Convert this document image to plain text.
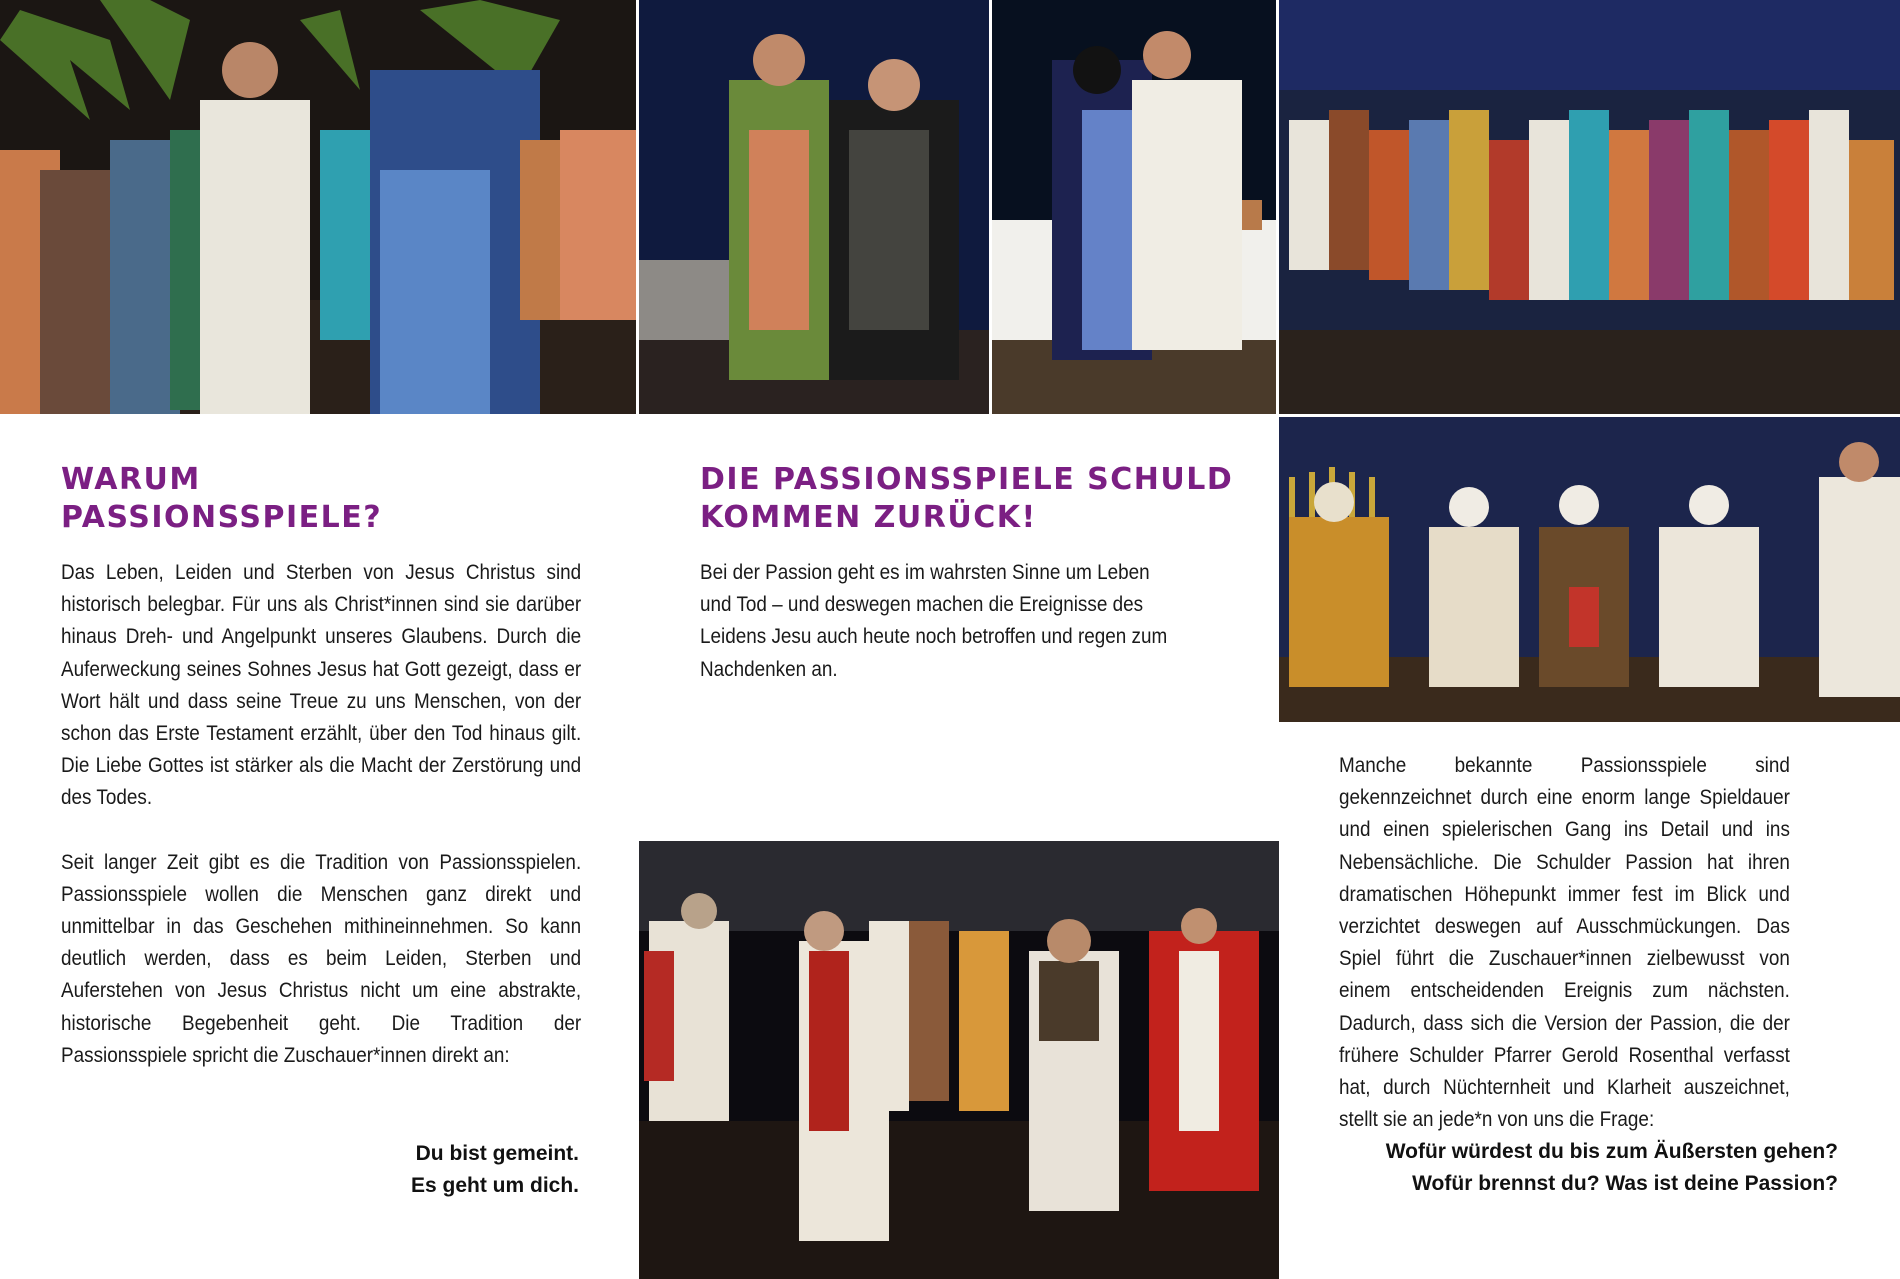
WARUM
PASSIONSSPIELE?

Das Leben, Leiden und Sterben von Jesus Christus sind historisch belegbar. Für uns als Christ*innen sind sie darüber hinaus Dreh- und Angelpunkt unseres Glaubens. Durch die Auferweckung seines Sohnes Jesus hat Gott gezeigt, dass er Wort hält und dass seine Treue zu uns Menschen, von der schon das Erste Testament erzählt, über den Tod hinaus gilt. Die Liebe Gottes ist stärker als die Macht der Zerstörung und des Todes.

Seit langer Zeit gibt es die Tradition von Passionsspielen. Passionsspiele wollen die Menschen ganz direkt und unmittelbar in das Geschehen mithineinnehmen. So kann deutlich werden, dass es beim Leiden, Sterben und Auferstehen von Jesus Christus nicht um eine abstrakte, historische Begebenheit geht. Die Tradition der Passionsspiele spricht die Zuschauer*innen direkt an:

Du bist gemeint.
Es geht um dich.
DIE PASSIONSSPIELE SCHULD
KOMMEN ZURÜCK!

Bei der Passion geht es im wahrsten Sinne um Leben und Tod – und deswegen machen die Ereignisse des Leidens Jesu auch heute noch betroffen und regen zum Nachdenken an.

Manche bekannte Passionsspiele sind gekennzeichnet durch eine enorm lange Spieldauer und einen spielerischen Gang ins Detail und ins Nebensächliche. Die Schulder Passion hat ihren dramatischen Höhepunkt immer fest im Blick und verzichtet deswegen auf Ausschmückungen. Das Spiel führt die Zuschauer*innen zielbewusst von einem entscheidenden Ereignis zum nächsten. Dadurch, dass sich die Version der Passion, die der frühere Schulder Pfarrer Gerold Rosenthal verfasst hat, durch Nüchternheit und Klarheit auszeichnet, stellt sie an jede*n von uns die Frage:

Wofür würdest du bis zum Äußersten gehen?
Wofür brennst du? Was ist deine Passion?
